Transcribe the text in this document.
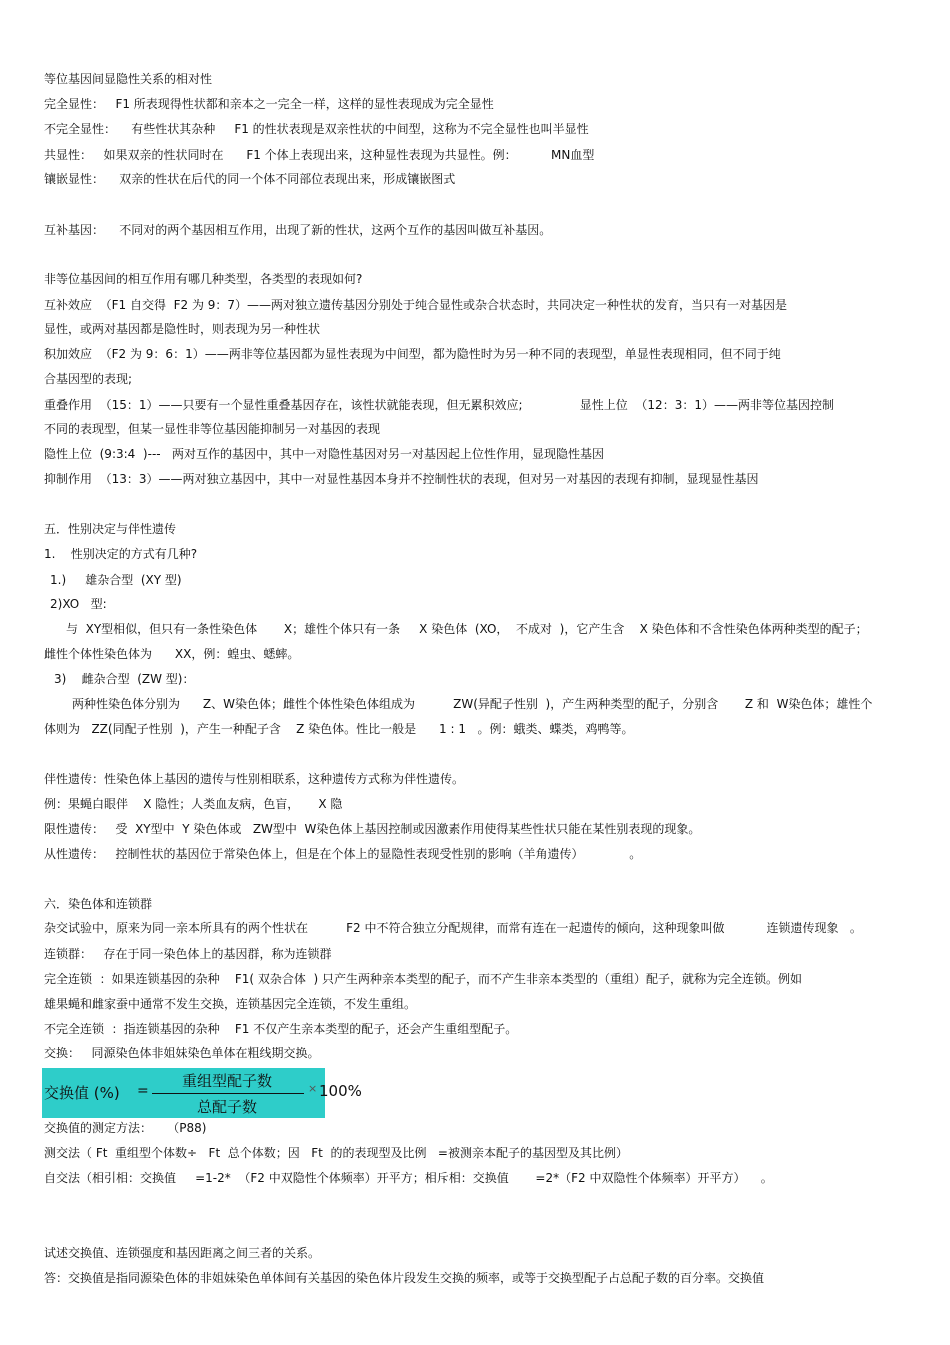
等位基因间显隐性关系的相对性
完全显性：   F1 所表现得性状都和亲本之一完全一样，这样的显性表现成为完全显性
不完全显性：    有些性状其杂种     F1 的性状表现是双亲性状的中间型，这称为不完全显性也叫半显性
共显性：   如果双亲的性状同时在      F1 个体上表现出来，这种显性表现为共显性。例：         MN血型
镶嵌显性：    双亲的性状在后代的同一个体不同部位表现出来，形成镶嵌图式
互补基因：    不同对的两个基因相互作用，出现了新的性状，这两个互作的基因叫做互补基因。
非等位基因间的相互作用有哪几种类型，各类型的表现如何?
互补效应  （F1 自交得  F2 为 9：7）——两对独立遗传基因分别处于纯合显性或杂合状态时，共同决定一种性状的发育，当只有一对基因是
显性，或两对基因都是隐性时，则表现为另一种性状
积加效应  （F2 为 9：6：1）——两非等位基因都为显性表现为中间型，都为隐性时为另一种不同的表现型，单显性表现相同，但不同于纯
合基因型的表现;
重叠作用  （15：1）——只要有一个显性重叠基因存在，该性状就能表现，但无累积效应;               显性上位  （12：3：1）——两非等位基因控制
不同的表现型，但某一显性非等位基因能抑制另一对基因的表现
隐性上位  (9:3:4  )---   两对互作的基因中，其中一对隐性基因对另一对基因起上位性作用，显现隐性基因
抑制作用  （13：3）——两对独立基因中，其中一对显性基因本身并不控制性状的表现，但对另一对基因的表现有抑制，显现显性基因
五．性别决定与伴性遗传
1.    性别决定的方式有几种?
1.)     雄杂合型  (XY 型)
2)XO   型:
与  XY型相似，但只有一条性染色体       X；雄性个体只有一条     X 染色体  (XO，  不成对  )，它产生含    X 染色体和不含性染色体两种类型的配子；
雌性个体性染色体为      XX，例：蝗虫、蟋蟀。
3)    雌杂合型  (ZW 型)：
两种性染色体分别为      Z、W染色体；雌性个体性染色体组成为          ZW(异配子性别  )，产生两种类型的配子，分别含       Z 和  W染色体；雄性个
体则为   ZZ(同配子性别  )，产生一种配子含    Z 染色体。性比一般是      1 : 1   。例：蛾类、蝶类，鸡鸭等。
伴性遗传：性染色体上基因的遗传与性别相联系，这种遗传方式称为伴性遗传。
例：果蝇白眼伴    X 隐性；人类血友病，色盲，     X 隐
限性遗传：   受  XY型中  Y 染色体或   ZW型中  W染色体上基因控制或因激素作用使得某些性状只能在某性别表现的现象。
从性遗传：   控制性状的基因位于常染色体上，但是在个体上的显隐性表现受性别的影响（羊角遗传）            。
六．染色体和连锁群
杂交试验中，原来为同一亲本所具有的两个性状在          F2 中不符合独立分配规律，而常有连在一起遗传的倾向，这种现象叫做           连锁遗传现象   。
连锁群：   存在于同一染色体上的基因群，称为连锁群
完全连锁  ：如果连锁基因的杂种    F1( 双杂合体  ) 只产生两种亲本类型的配子，而不产生非亲本类型的（重组）配子，就称为完全连锁。例如
雄果蝇和雌家蚕中通常不发生交换，连锁基因完全连锁，不发生重组。
不完全连锁  ：指连锁基因的杂种    F1 不仅产生亲本类型的配子，还会产生重组型配子。
交换：   同源染色体非姐妹染色单体在粗线期交换。
交换值 (%) =
重组型配子数
总配子数
× 100%
交换值的测定方法：    （P88)
测交法（ Ft  重组型个体数÷   Ft  总个体数；因   Ft  的的表现型及比例   =被测亲本配子的基因型及其比例）
自交法（相引相：交换值     =1-2*  （F2 中双隐性个体频率）开平方；相斥相：交换值       =2*（F2 中双隐性个体频率）开平方）    。
试述交换值、连锁强度和基因距离之间三者的关系。
答：交换值是指同源染色体的非姐妹染色单体间有关基因的染色体片段发生交换的频率，或等于交换型配子占总配子数的百分率。交换值
